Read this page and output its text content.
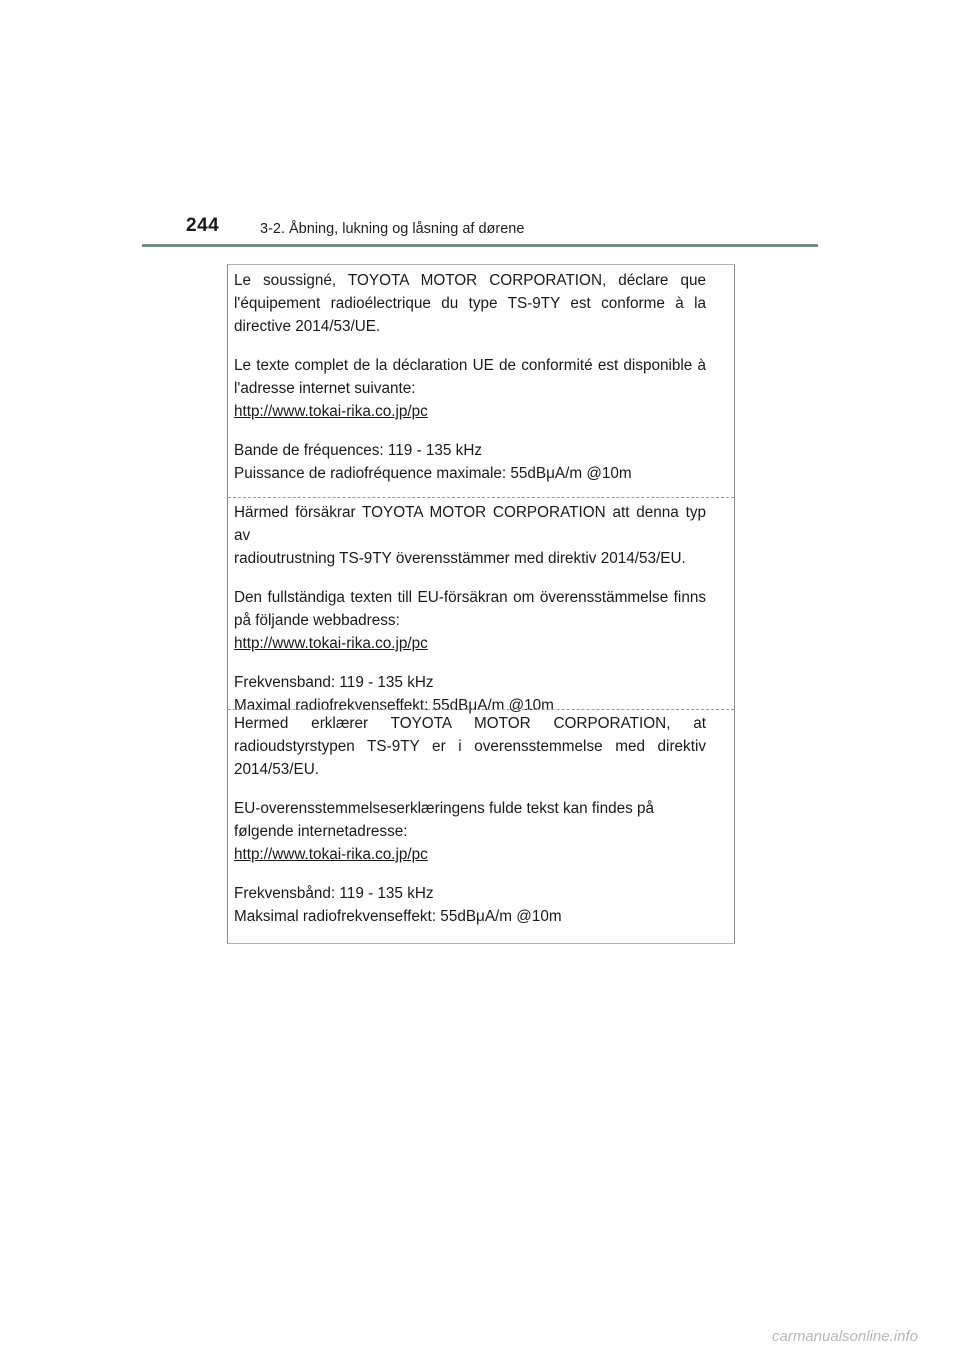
244	3-2. Åbning, lukning og låsning af dørene

Le soussigné, TOYOTA MOTOR CORPORATION, déclare que
l'équipement radioélectrique du type TS-9TY est conforme à la
directive 2014/53/UE.

Le texte complet de la déclaration UE de conformité est disponible à
l'adresse internet suivante:
http://www.tokai-rika.co.jp/pc

Bande de fréquences: 119 - 135 kHz
Puissance de radiofréquence maximale: 55dBμA/m @10m

Härmed försäkrar TOYOTA MOTOR CORPORATION att denna typ av
radioutrustning TS-9TY överensstämmer med direktiv 2014/53/EU.

Den fullständiga texten till EU-försäkran om överensstämmelse finns
på följande webbadress:
http://www.tokai-rika.co.jp/pc

Frekvensband: 119 - 135 kHz
Maximal radiofrekvenseffekt: 55dBμA/m @10m

Hermed erklærer TOYOTA MOTOR CORPORATION, at
radioudstyrstypen TS-9TY er i overensstemmelse med direktiv
2014/53/EU.

EU-overensstemmelseserklæringens fulde tekst kan findes på
følgende internetadresse:
http://www.tokai-rika.co.jp/pc

Frekvensbånd: 119 - 135 kHz
Maksimal radiofrekvenseffekt: 55dBμA/m @10m

carmanualsonline.info
